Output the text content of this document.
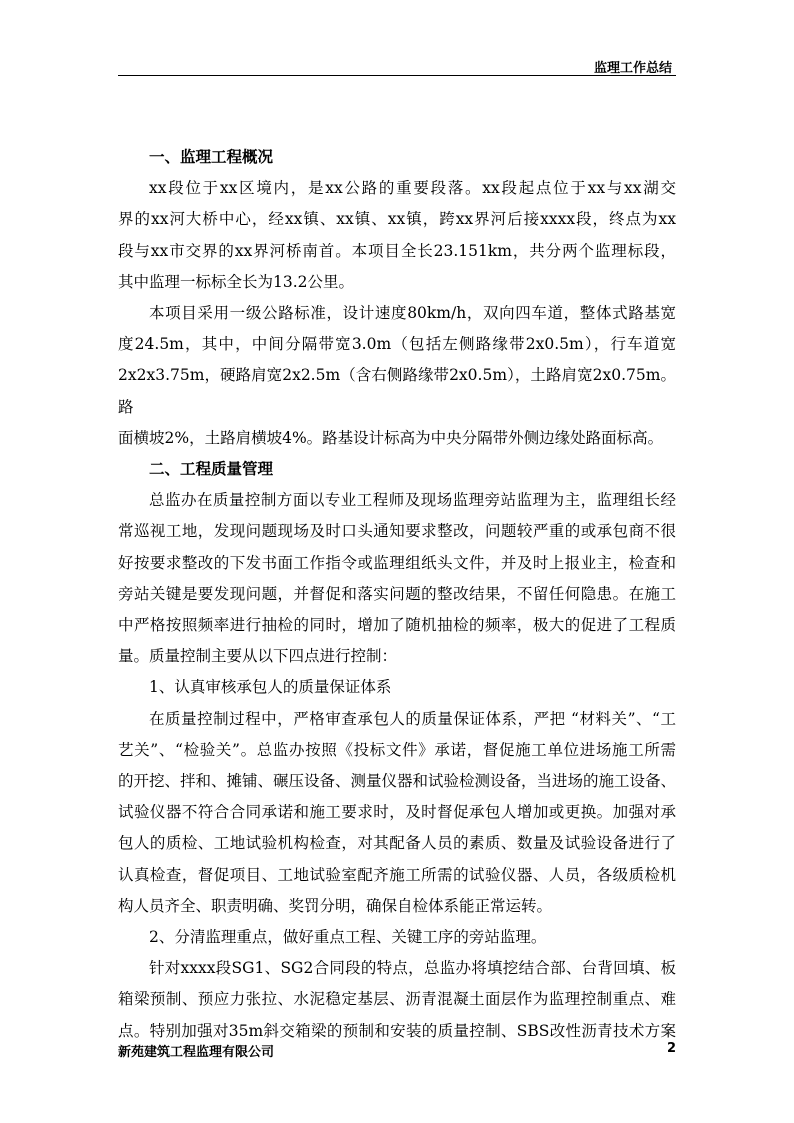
监理工作总结

一、监理工程概况

xx段位于xx区境内，是xx公路的重要段落。xx段起点位于xx与xx湖交

界的xx河大桥中心，经xx镇、xx镇、xx镇，跨xx界河后接xxxx段，终点为xx

段与xx市交界的xx界河桥南首。本项目全长23.151km，共分两个监理标段，

其中监理一标标全长为13.2公里。

本项目采用一级公路标准，设计速度80km/h，双向四车道，整体式路基宽

度24.5m，其中，中间分隔带宽3.0m（包括左侧路缘带2x0.5m），行车道宽

2x2x3.75m，硬路肩宽2x2.5m（含右侧路缘带2x0.5m），土路肩宽2x0.75m。路

面横坡2%，土路肩横坡4%。路基设计标高为中央分隔带外侧边缘处路面标高。

二、工程质量管理

总监办在质量控制方面以专业工程师及现场监理旁站监理为主，监理组长经

常巡视工地，发现问题现场及时口头通知要求整改，问题较严重的或承包商不很

好按要求整改的下发书面工作指令或监理组纸头文件，并及时上报业主，检查和

旁站关键是要发现问题，并督促和落实问题的整改结果，不留任何隐患。在施工

中严格按照频率进行抽检的同时，增加了随机抽检的频率，极大的促进了工程质

量。质量控制主要从以下四点进行控制：

1、认真审核承包人的质量保证体系

在质量控制过程中，严格审查承包人的质量保证体系，严把 “材料关”、“工

艺关”、“检验关”。总监办按照《投标文件》承诺，督促施工单位进场施工所需

的开挖、拌和、摊铺、碾压设备、测量仪器和试验检测设备，当进场的施工设备、

试验仪器不符合合同承诺和施工要求时，及时督促承包人增加或更换。加强对承

包人的质检、工地试验机构检查，对其配备人员的素质、数量及试验设备进行了

认真检查，督促项目、工地试验室配齐施工所需的试验仪器、人员，各级质检机

构人员齐全、职责明确、奖罚分明，确保自检体系能正常运转。

2、分清监理重点，做好重点工程、关键工序的旁站监理。

针对xxxx段SG1、SG2合同段的特点，总监办将填挖结合部、台背回填、板

箱梁预制、预应力张拉、水泥稳定基层、沥青混凝土面层作为监理控制重点、难

点。特别加强对35m斜交箱梁的预制和安装的质量控制、SBS改性沥青技术方案

新苑建筑工程监理有限公司	2
